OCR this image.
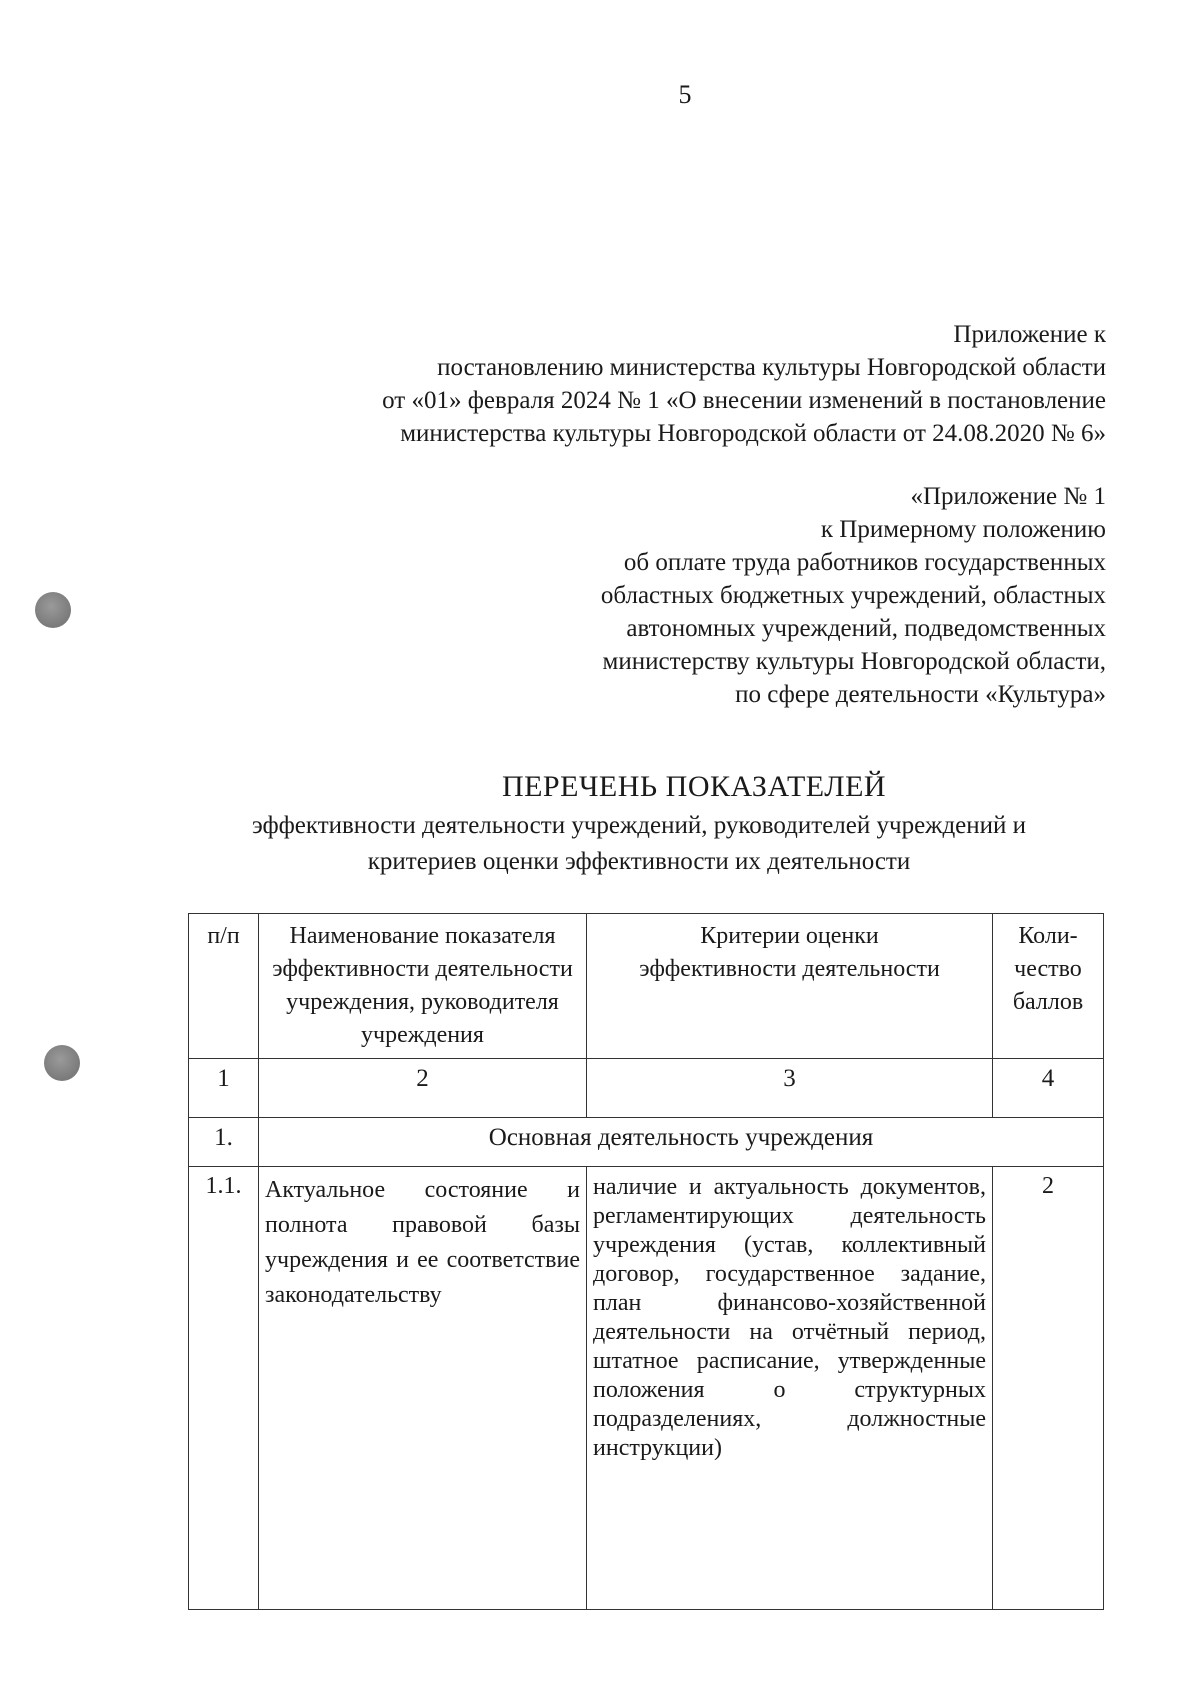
5
Приложение к
постановлению министерства культуры Новгородской области
от «01» февраля 2024 № 1 «О внесении изменений в постановление
министерства культуры Новгородской области от 24.08.2020 № 6»
«Приложение № 1
к Примерному положению
об оплате труда работников государственных
областных бюджетных учреждений, областных
автономных учреждений, подведомственных
министерству культуры Новгородской области,
по сфере деятельности «Культура»
ПЕРЕЧЕНЬ ПОКАЗАТЕЛЕЙ
эффективности деятельности учреждений, руководителей учреждений и
критериев оценки эффективности их деятельности
п/п	Наименование показателя эффективности деятельности учреждения, руководителя учреждения	Критерии оценки эффективности деятельности	Коли-чество баллов
1	2	3	4
1.	Основная деятельность учреждения		
1.1.	Актуальное состояние и полнота правовой базы учреждения и ее соответствие законодательству	наличие и актуальность документов, регламентирующих деятельность учреждения (устав, коллективный договор, государственное задание, план финансово-хозяйственной деятельности на отчётный период, штатное расписание, утвержденные положения о структурных подразделениях, должностные инструкции)	2
